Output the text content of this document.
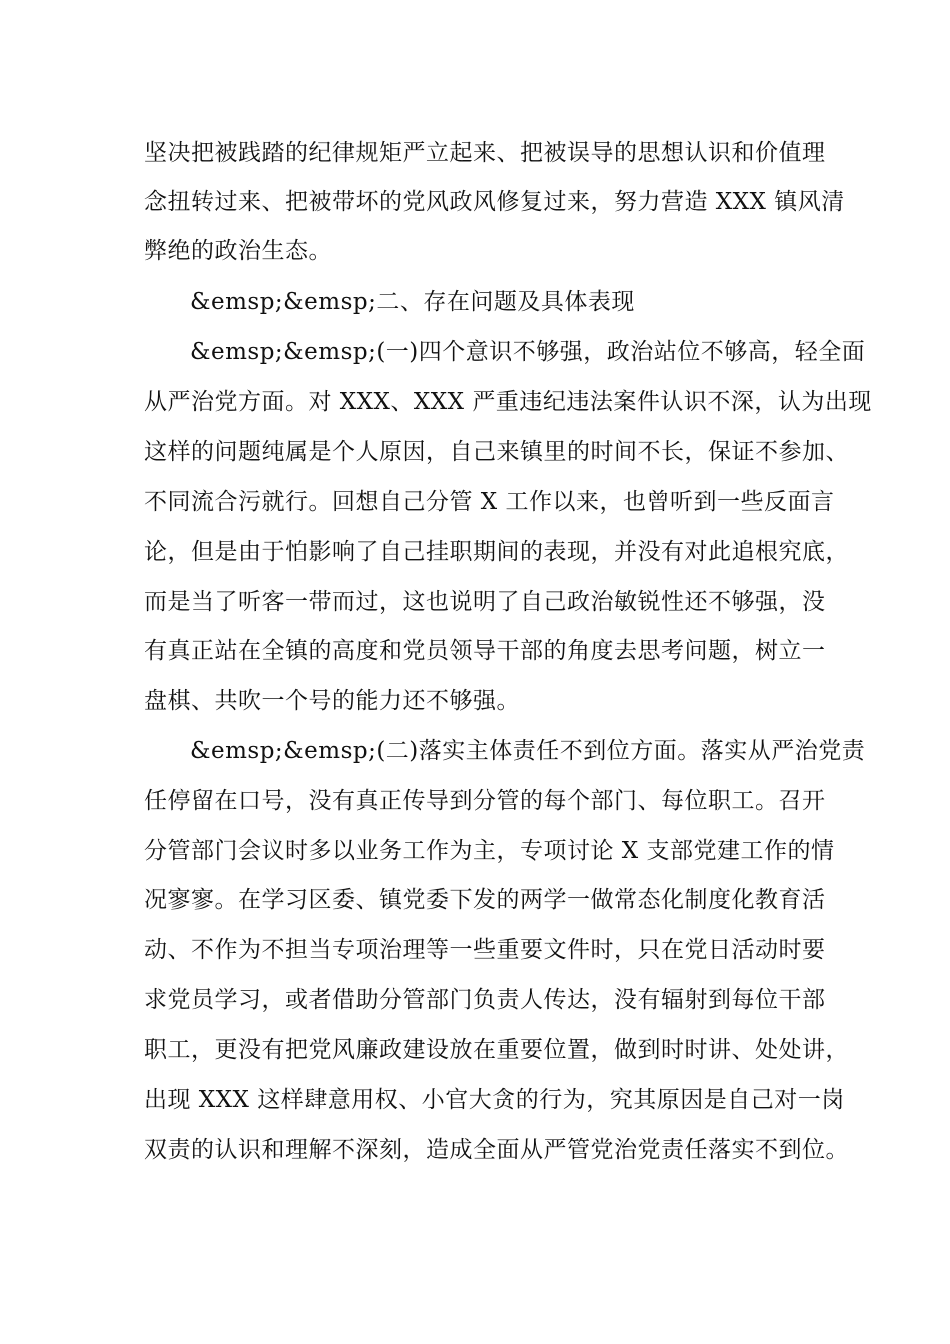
坚决把被践踏的纪律规矩严立起来、把被误导的思想认识和价值理
念扭转过来、把被带坏的党风政风修复过来，努力营造 XXX 镇风清
弊绝的政治生态。
&emsp;&emsp;二、存在问题及具体表现
&emsp;&emsp;(一)四个意识不够强，政治站位不够高，轻全面
从严治党方面。对 XXX、XXX 严重违纪违法案件认识不深，认为出现
这样的问题纯属是个人原因，自己来镇里的时间不长，保证不参加、
不同流合污就行。回想自己分管 X 工作以来，也曾听到一些反面言
论，但是由于怕影响了自己挂职期间的表现，并没有对此追根究底，
而是当了听客一带而过，这也说明了自己政治敏锐性还不够强，没
有真正站在全镇的高度和党员领导干部的角度去思考问题，树立一
盘棋、共吹一个号的能力还不够强。
&emsp;&emsp;(二)落实主体责任不到位方面。落实从严治党责
任停留在口号，没有真正传导到分管的每个部门、每位职工。召开
分管部门会议时多以业务工作为主，专项讨论 X 支部党建工作的情
况寥寥。在学习区委、镇党委下发的两学一做常态化制度化教育活
动、不作为不担当专项治理等一些重要文件时，只在党日活动时要
求党员学习，或者借助分管部门负责人传达，没有辐射到每位干部
职工，更没有把党风廉政建设放在重要位置，做到时时讲、处处讲，
出现 XXX 这样肆意用权、小官大贪的行为，究其原因是自己对一岗
双责的认识和理解不深刻，造成全面从严管党治党责任落实不到位。
